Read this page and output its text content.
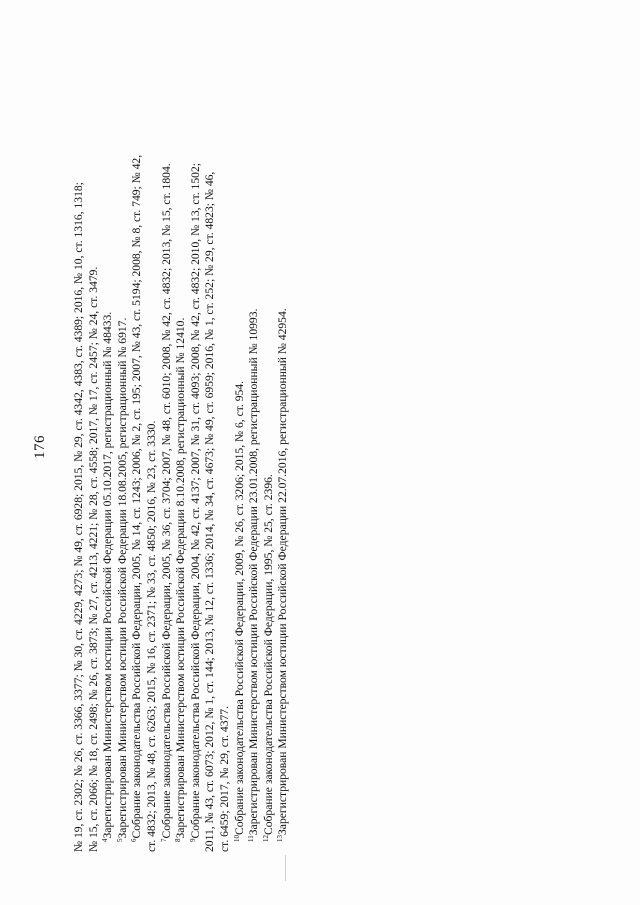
176 № 19, ст. 2302; № 26, ст. 3366, 3377; № 30, ст. 4229, 4273; № 49, ст. 6928; 2015, № 29, ст. 4342, 4383, ст. 4389; 2016, № 10, ст. 1316, 1318; № 15, ст. 2066; № 18, ст. 2498; № 26, ст. 3873; № 27, ст. 4213, 4221; № 28, ст. 4558; 2017, № 17, ст. 2457; № 24, ст. 3479. $^4$Зарегистрирован Министерством юстиции Российской Федерации 05.10.2017, регистрационный № 48433.
$^5$Зарегистрирован Министерством юстиции Российской Федерации 18.08.2005, регистрационный № 6917.
$^6$Собрание законодательства Российской Федерации, 2005, № 14, ст. 1243; 2006, № 2, ст. 195; 2007, № 43, ст. 5194; 2008, № 8, ст. 749; № 42, ст. 4832; 2013, № 48, ст. 6263; 2015, № 16, ст. 2371; № 33, ст. 4850; 2016, № 23, ст. 3330. $^7$Собрание законодательства Российской Федерации, 2005, № 36, ст. 3704; 2007, № 48, ст. 6010; 2008, № 42, ст. 4832; 2013, № 15, ст. 1804.
$^8$Зарегистрирован Министерством юстиции Российской Федерации 8.10.2008, регистрационный № 12410.
$^9$Собрание законодательства Российской Федерации, 2004, № 42, ст. 4137; 2007, № 31, ст. 4093; 2008, № 42, ст. 4832; 2010, № 13, ст. 1502; 2011, № 43, ст. 6073; 2012, № 1, ст. 144; 2013, № 12, ст. 1336; 2014, № 34, ст. 4673; № 49, ст. 6959; 2016, № 1, ст. 252; № 29, ст. 4823; № 46, ст. 6459; 2017, № 29, ст. 4377. $^{10}$Собрание законодательства Российской Федерации, 2009, № 26, ст. 3206; 2015, № 6, ст. 954.
$^{11}$Зарегистрирован Министерством юстиции Российской Федерации 23.01.2008, регистрационный № 10993.
$^{12}$Собрание законодательства Российской Федерации, 1995, № 25, ст. 2396.
$^{13}$Зарегистрирован Министерством юстиции Российской Федерации 22.07.2016, регистрационный № 42954.
